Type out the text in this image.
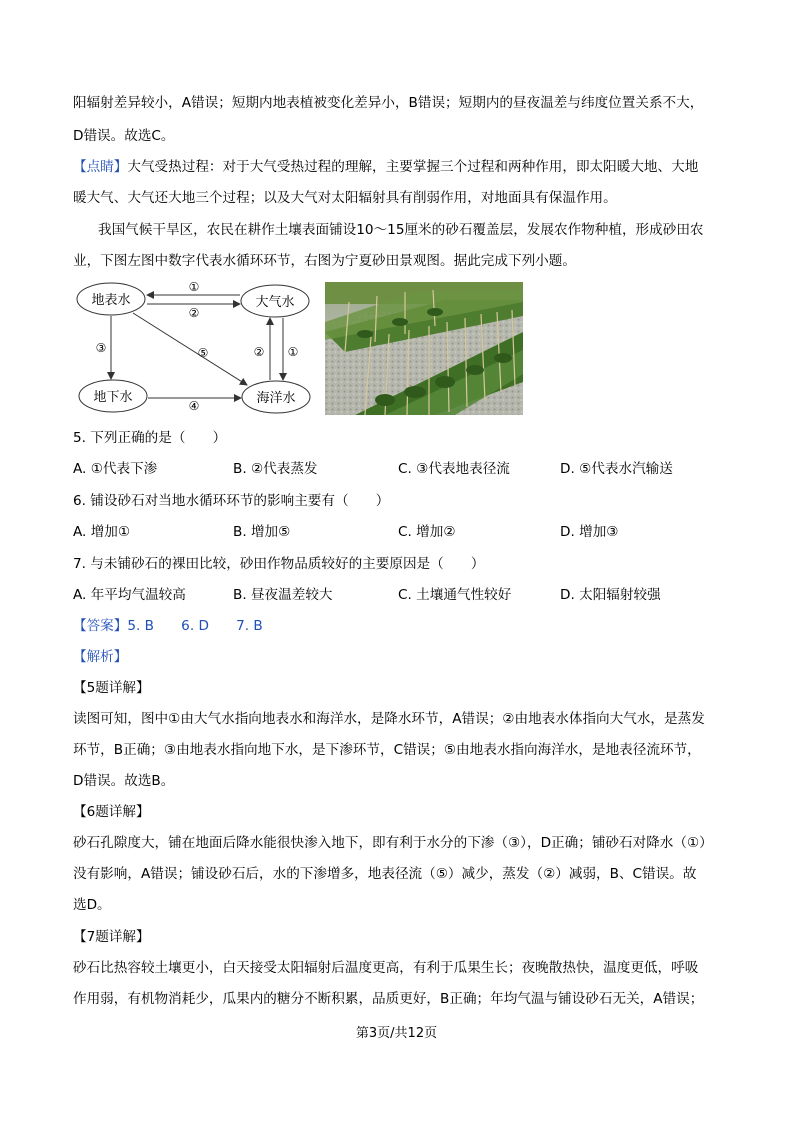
阳辐射差异较小，A错误；短期内地表植被变化差异小，B错误；短期内的昼夜温差与纬度位置关系不大，
D错误。故选C。
【点睛】大气受热过程：对于大气受热过程的理解，主要掌握三个过程和两种作用，即太阳暖大地、大地
暖大气、大气还大地三个过程；以及大气对太阳辐射具有削弱作用，对地面具有保温作用。
我国气候干旱区，农民在耕作土壤表面铺设10～15厘米的砂石覆盖层，发展农作物种植，形成砂田农
业，下图左图中数字代表水循环环节，右图为宁夏砂田景观图。据此完成下列小题。
地表水	大气水
地下水	海洋水
①
②
③	⑤
④
② ①
5. 下列正确的是（　　）
A. ①代表下渗	B. ②代表蒸发	C. ③代表地表径流	D. ⑤代表水汽输送
6. 铺设砂石对当地水循环环节的影响主要有（　　）
A. 增加①	B. 增加⑤	C. 增加②	D. 增加③
7. 与未铺砂石的裸田比较，砂田作物品质较好的主要原因是（　　）
A. 年平均气温较高	B. 昼夜温差较大	C. 土壤通气性较好	D. 太阳辐射较强
【答案】5. B　　6. D　　7. B
【解析】
【5题详解】
读图可知，图中①由大气水指向地表水和海洋水，是降水环节，A错误；②由地表水体指向大气水，是蒸发
环节，B正确；③由地表水指向地下水，是下渗环节，C错误；⑤由地表水指向海洋水，是地表径流环节，
D错误。故选B。
【6题详解】
砂石孔隙度大，铺在地面后降水能很快渗入地下，即有利于水分的下渗（③），D正确；铺砂石对降水（①）
没有影响，A错误；铺设砂石后，水的下渗增多，地表径流（⑤）减少，蒸发（②）减弱，B、C错误。故
选D。
【7题详解】
砂石比热容较土壤更小，白天接受太阳辐射后温度更高，有利于瓜果生长；夜晚散热快，温度更低，呼吸
作用弱，有机物消耗少，瓜果内的糖分不断积累，品质更好，B正确；年均气温与铺设砂石无关，A错误；
第3页/共12页
